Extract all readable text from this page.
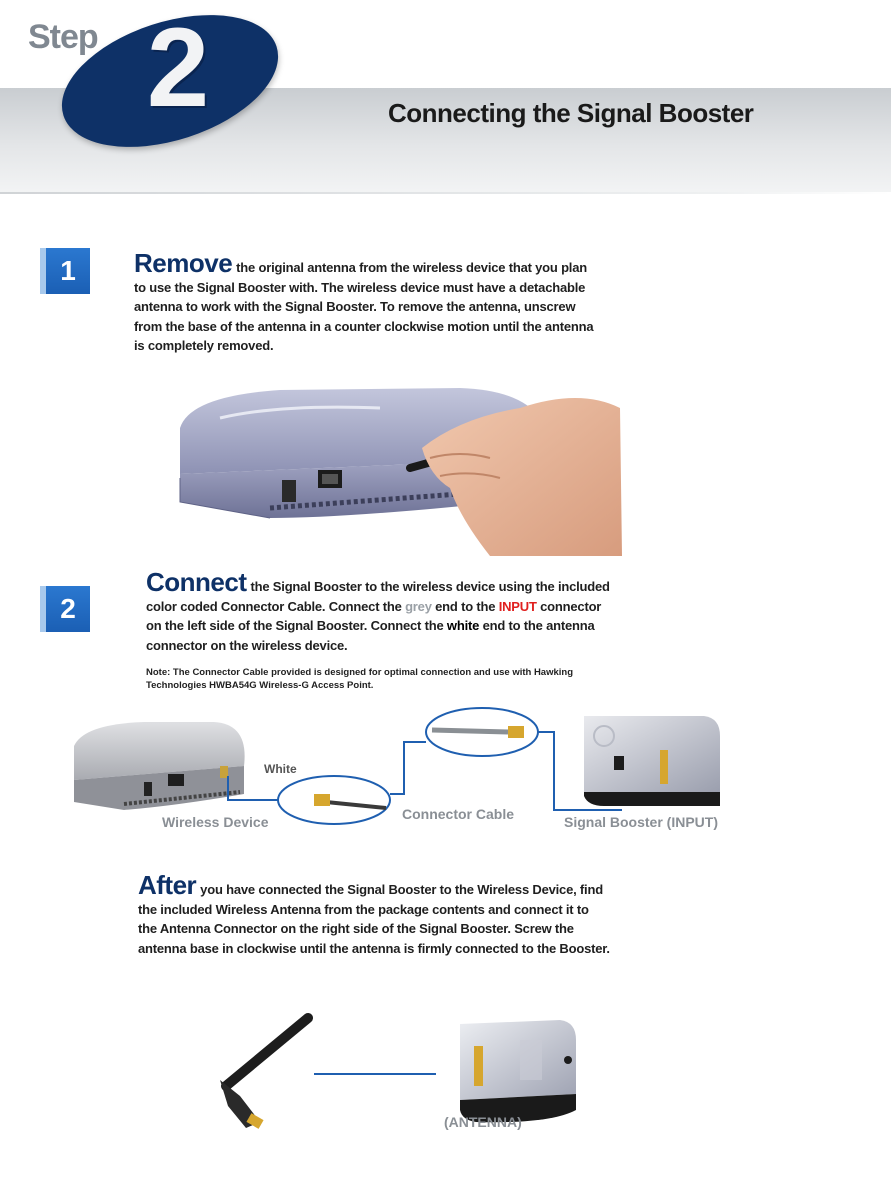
Step 2	Connecting the Signal Booster
1 Remove the original antenna from the wireless device that you plan
to use the Signal Booster with. The wireless device must have a detachable
antenna to work with the Signal Booster. To remove the antenna, unscrew
from the base of the antenna in a counter clockwise motion until the antenna
is completely removed.
2
Connect the Signal Booster to the wireless device using the included
color coded Connector Cable. Connect the grey end to the INPUT connector
on the left side of the Signal Booster. Connect the white end to the antenna
connector on the wireless device.
Note: The Connector Cable provided is designed for optimal connection and use with Hawking
Technologies HWBA54G Wireless-G Access Point.
White
Wireless Device	Connector Cable	Signal Booster (INPUT)
After you have connected the Signal Booster to the Wireless Device, find
the included Wireless Antenna from the package contents and connect it to
the Antenna Connector on the right side of the Signal Booster. Screw the
antenna base in clockwise until the antenna is firmly connected to the Booster.
(ANTENNA)
